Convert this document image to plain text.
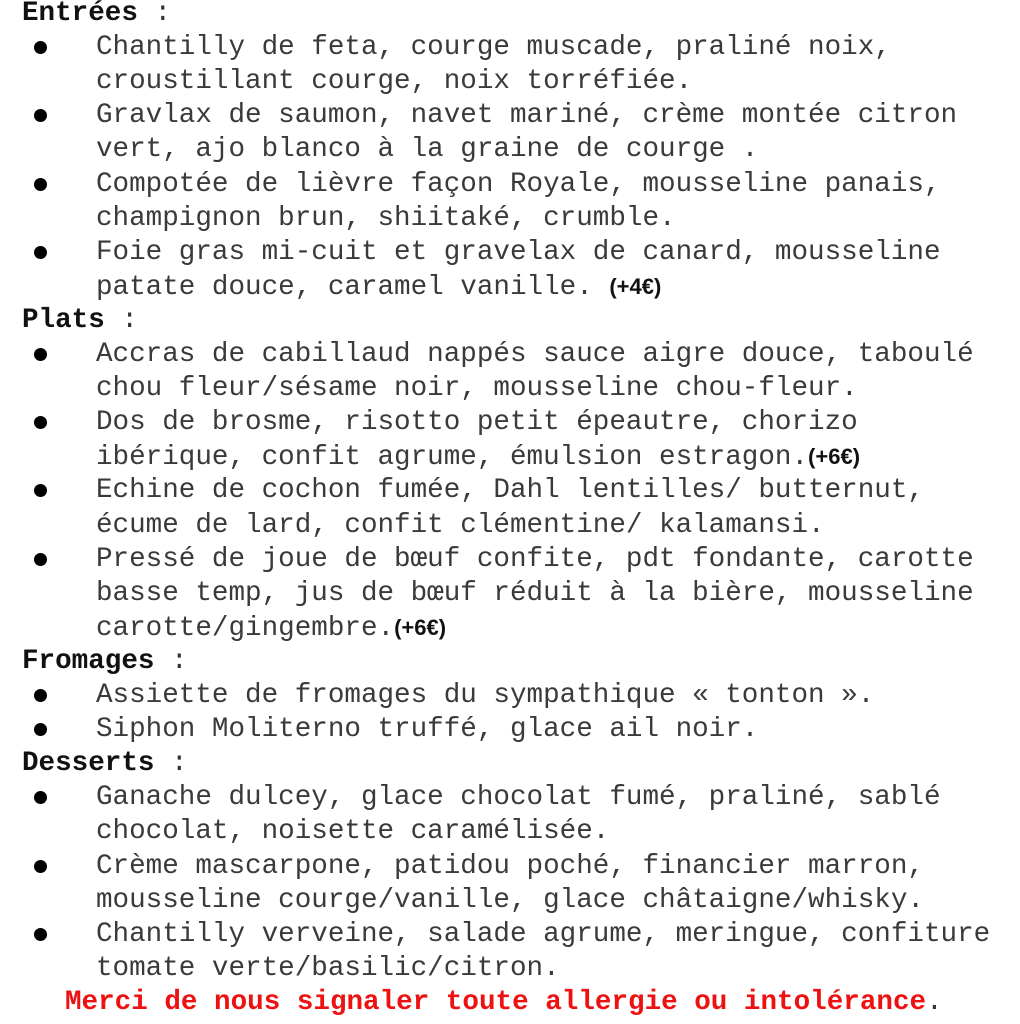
Entrées :
Chantilly de feta, courge muscade, praliné noix,
croustillant courge, noix torréfiée.
Gravlax de saumon, navet mariné, crème montée citron
vert, ajo blanco à la graine de courge .
Compotée de lièvre façon Royale, mousseline panais,
champignon brun, shiitaké, crumble.
Foie gras mi-cuit et gravelax de canard, mousseline
patate douce, caramel vanille. (+4€)
Plats :
Accras de cabillaud nappés sauce aigre douce, taboulé
chou fleur/sésame noir, mousseline chou-fleur.
Dos de brosme, risotto petit épeautre, chorizo
ibérique, confit agrume, émulsion estragon.(+6€)
Echine de cochon fumée, Dahl lentilles/ butternut,
écume de lard, confit clémentine/ kalamansi.
Pressé de joue de bœuf confite, pdt fondante, carotte
basse temp, jus de bœuf réduit à la bière, mousseline
carotte/gingembre.(+6€)
Fromages :
Assiette de fromages du sympathique « tonton ».
Siphon Moliterno truffé, glace ail noir.
Desserts :
Ganache dulcey, glace chocolat fumé, praliné, sablé
chocolat, noisette caramélisée.
Crème mascarpone, patidou poché, financier marron,
mousseline courge/vanille, glace châtaigne/whisky.
Chantilly verveine, salade agrume, meringue, confiture
tomate verte/basilic/citron.
Merci de nous signaler toute allergie ou intolérance.
